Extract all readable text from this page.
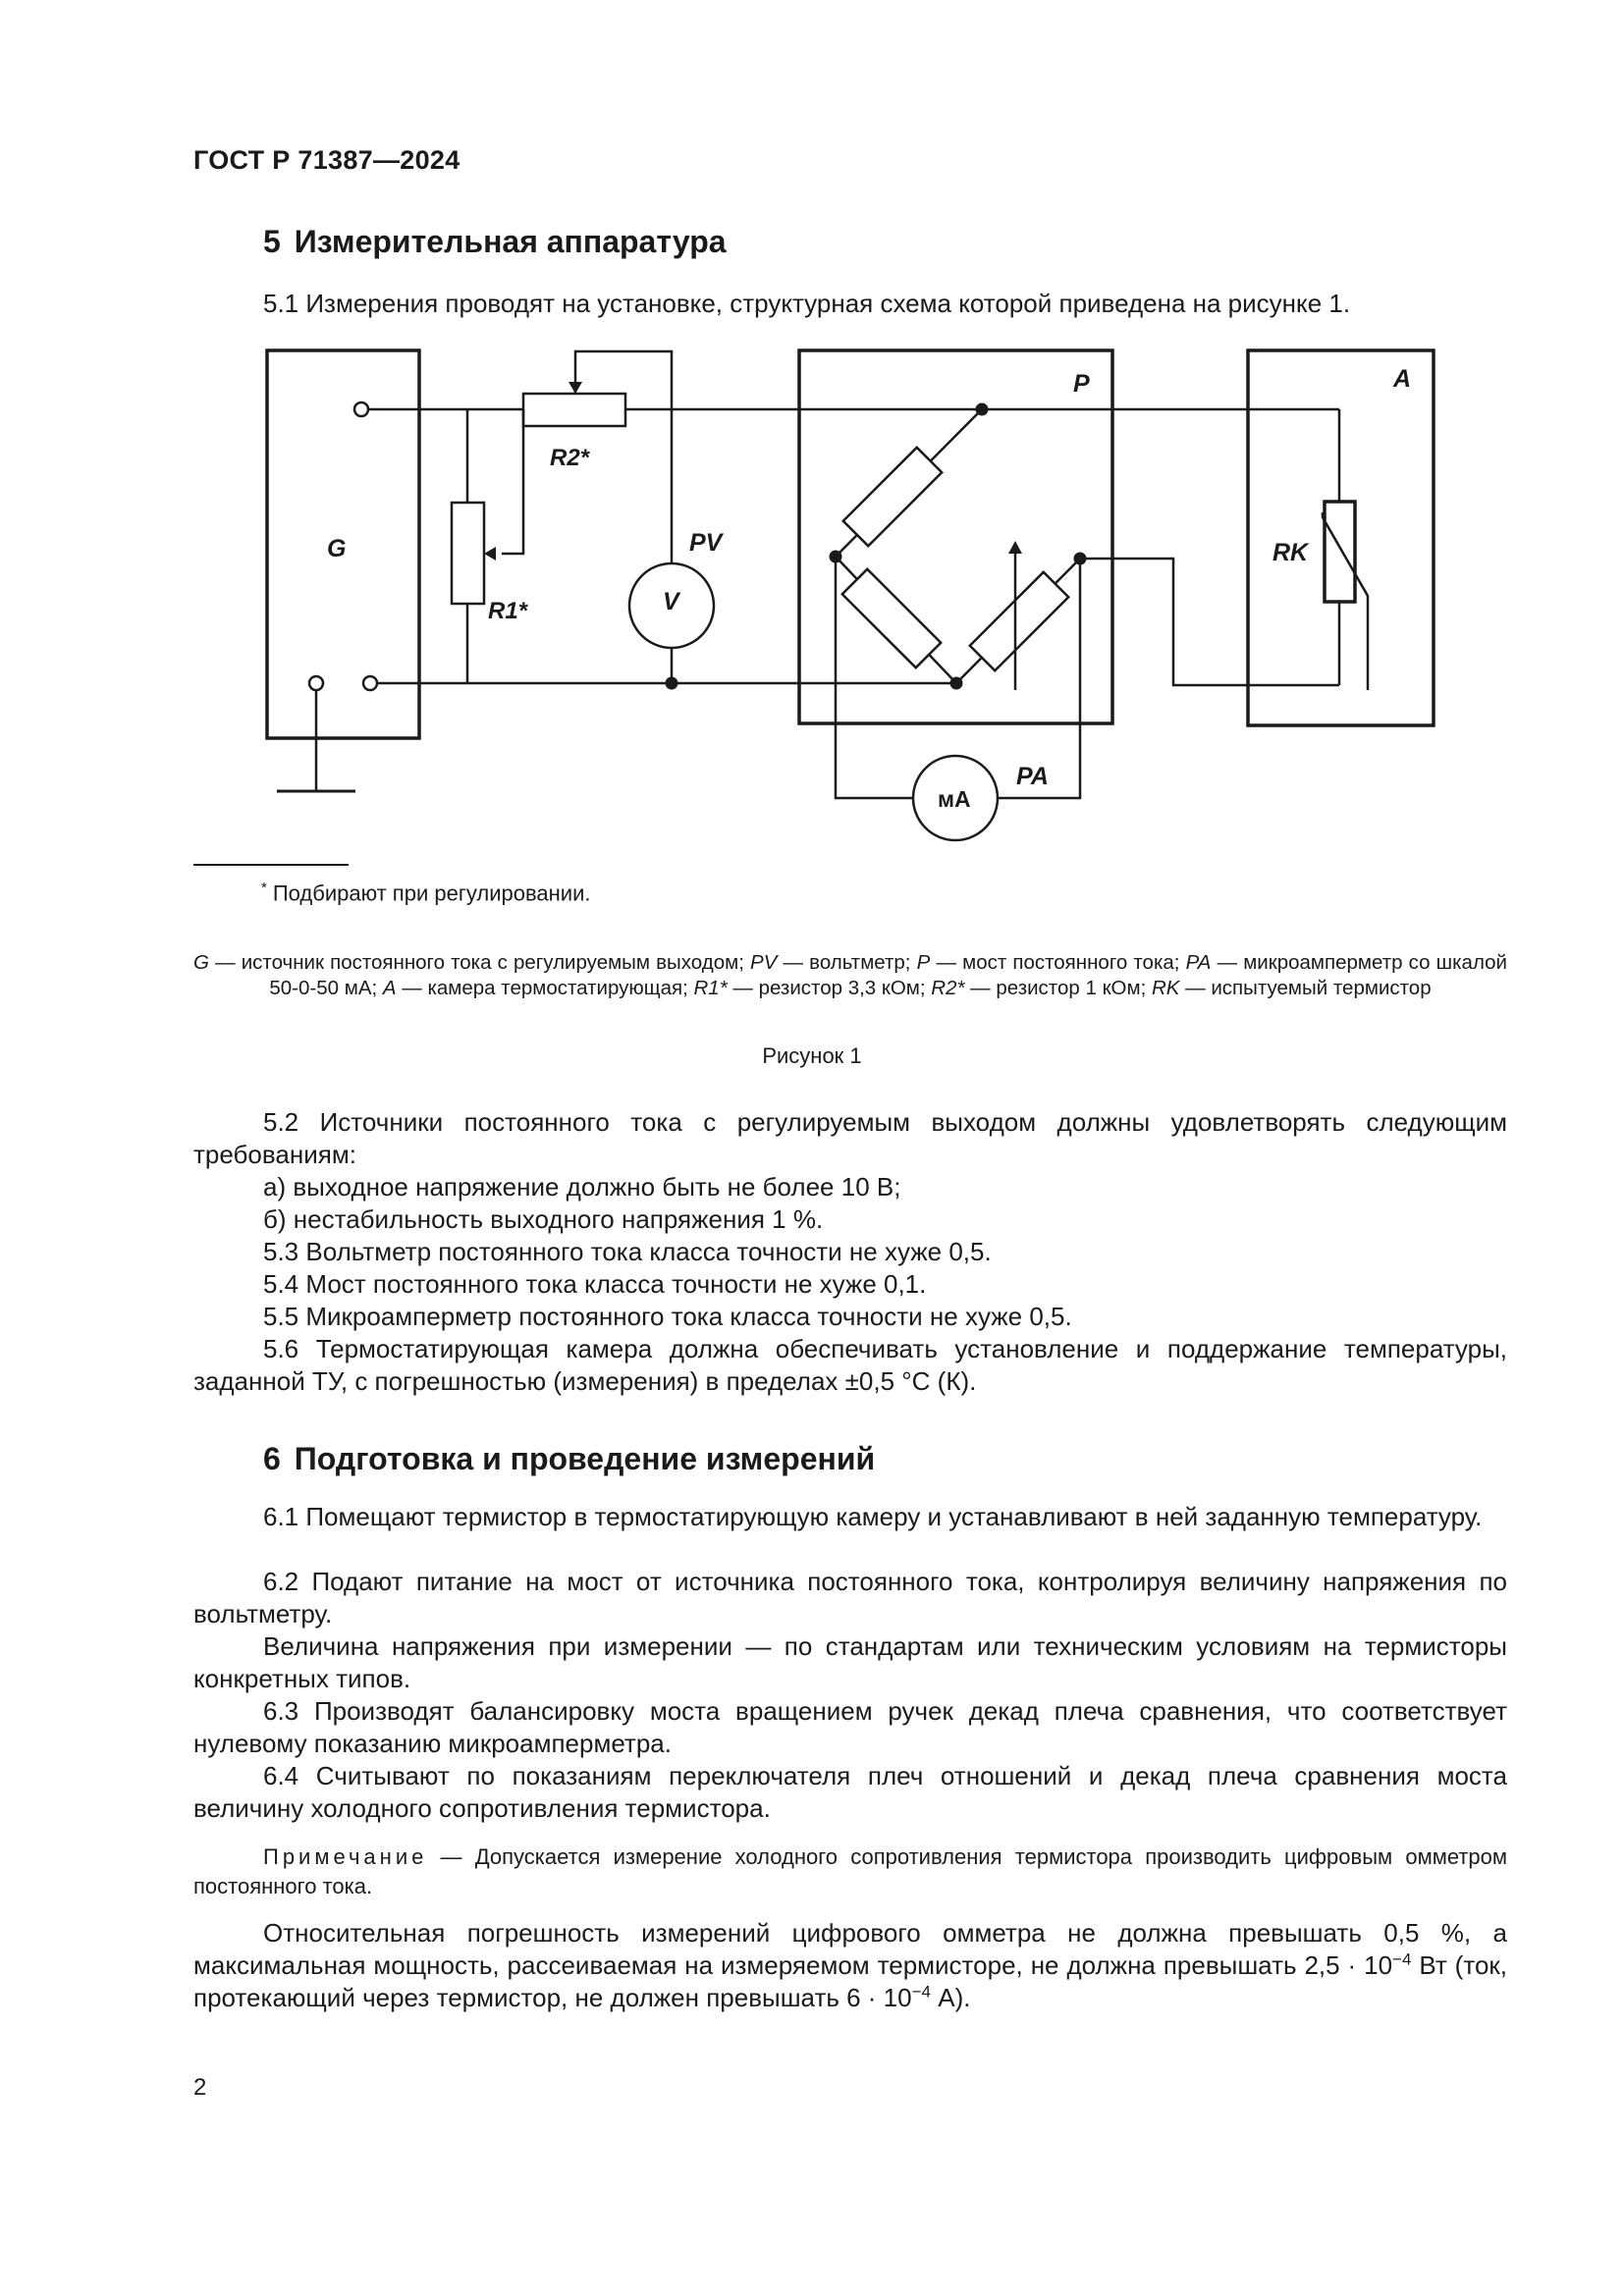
ГОСТ Р 71387—2024
5 Измерительная аппаратура
5.1 Измерения проводят на установке, структурная схема которой приведена на рисунке 1.
G
R2*
R1*
PV
V
P	A
RK
мА
PA
* Подбирают при регулировании.
G — источник постоянного тока с регулируемым выходом; PV — вольтметр; P — мост постоянного тока; PA — микроамперметр со шкалой 50-0-50 мА; A — камера термостатирующая; R1* — резистор 3,3 кОм; R2* — резистор 1 кОм; RK — испытуемый термистор
Рисунок 1
5.2 Источники постоянного тока с регулируемым выходом должны удовлетворять следующим требованиям:
а) выходное напряжение должно быть не более 10 В;
б) нестабильность выходного напряжения 1 %.
5.3 Вольтметр постоянного тока класса точности не хуже 0,5.
5.4 Мост постоянного тока класса точности не хуже 0,1.
5.5 Микроамперметр постоянного тока класса точности не хуже 0,5.
5.6 Термостатирующая камера должна обеспечивать установление и поддержание температуры, заданной ТУ, с погрешностью (измерения) в пределах ±0,5 °С (К).
6 Подготовка и проведение измерений
6.1 Помещают термистор в термостатирующую камеру и устанавливают в ней заданную температуру.
6.2 Подают питание на мост от источника постоянного тока, контролируя величину напряжения по вольтметру.
Величина напряжения при измерении — по стандартам или техническим условиям на термисторы конкретных типов.
6.3 Производят балансировку моста вращением ручек декад плеча сравнения, что соответствует нулевому показанию микроамперметра.
6.4 Считывают по показаниям переключателя плеч отношений и декад плеча сравнения моста величину холодного сопротивления термистора.
Примечание — Допускается измерение холодного сопротивления термистора производить цифровым омметром постоянного тока.
Относительная погрешность измерений цифрового омметра не должна превышать 0,5 %, а максимальная мощность, рассеиваемая на измеряемом термисторе, не должна превышать $2,5 \cdot 10^{-4}$ Вт (ток, протекающий через термистор, не должен превышать $6 \cdot 10^{-4}$ А).
2
